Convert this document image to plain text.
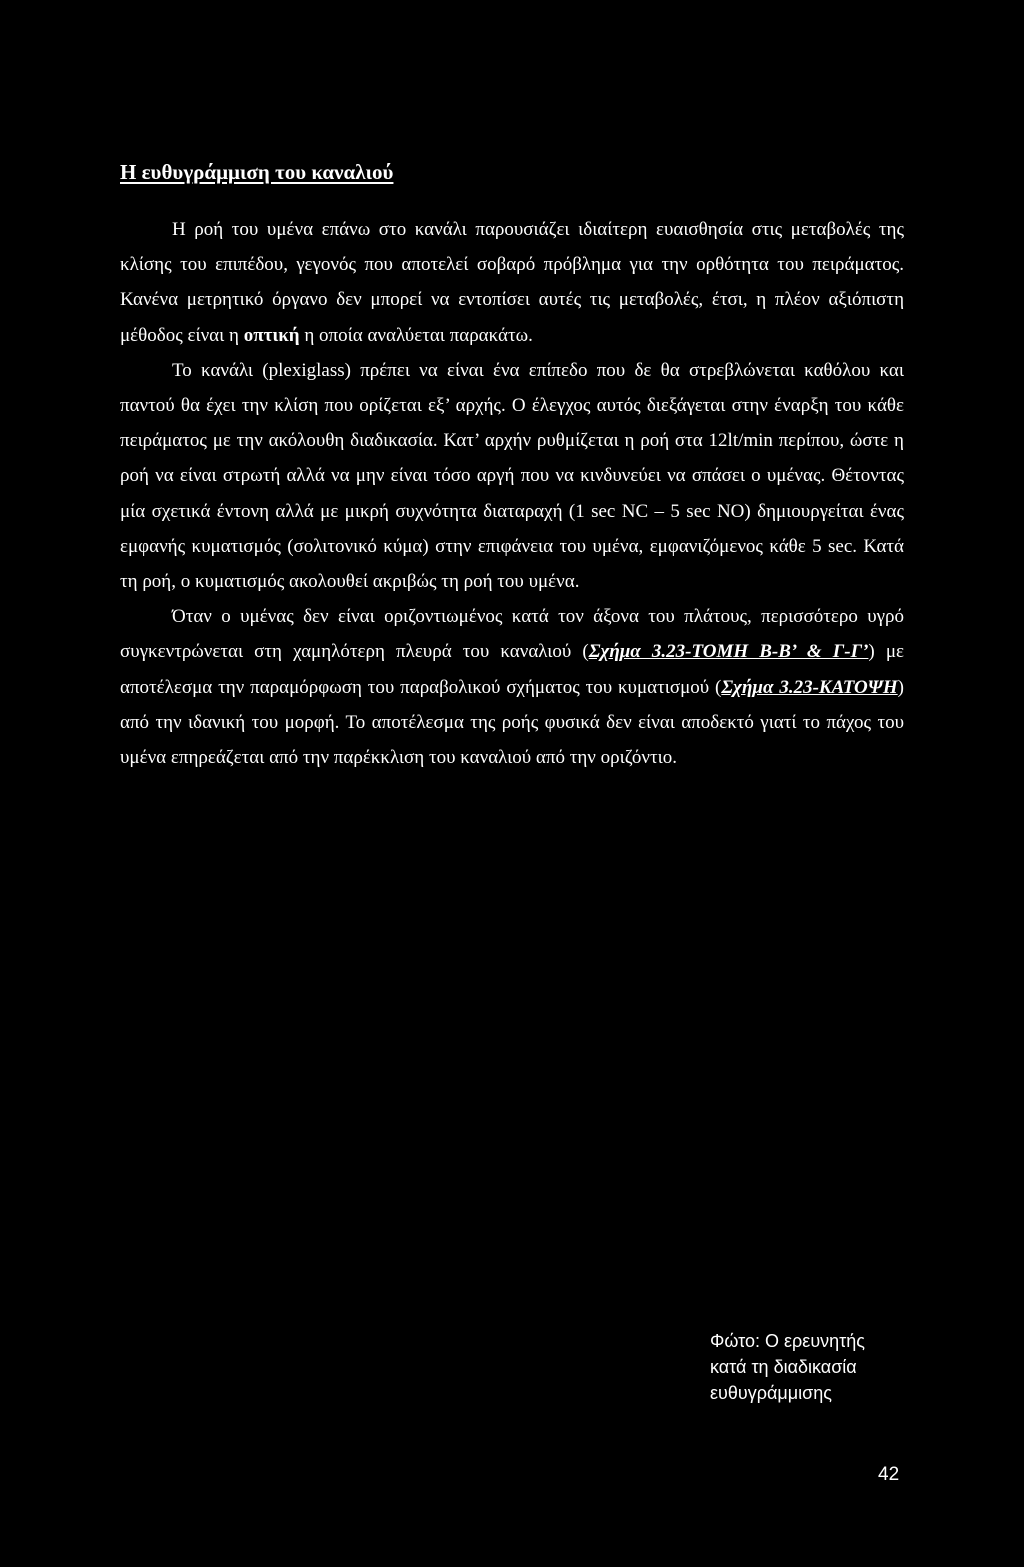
Η ευθυγράμμιση του καναλιού

Η ροή του υμένα επάνω στο κανάλι παρουσιάζει ιδιαίτερη ευαισθησία στις μεταβολές της κλίσης του επιπέδου, γεγονός που αποτελεί σοβαρό πρόβλημα για την ορθότητα του πειράματος. Κανένα μετρητικό όργανο δεν μπορεί να εντοπίσει αυτές τις μεταβολές, έτσι, η πλέον αξιόπιστη μέθοδος είναι η οπτική η οποία αναλύεται παρακάτω.

Το κανάλι (plexiglass) πρέπει να είναι ένα επίπεδο που δε θα στρεβλώνεται καθόλου και παντού θα έχει την κλίση που ορίζεται εξ’ αρχής. Ο έλεγχος αυτός διεξάγεται στην έναρξη του κάθε πειράματος με την ακόλουθη διαδικασία. Κατ’ αρχήν ρυθμίζεται η ροή στα 12lt/min περίπου, ώστε η ροή να είναι στρωτή αλλά να μην είναι τόσο αργή που να κινδυνεύει να σπάσει ο υμένας. Θέτοντας μία σχετικά έντονη αλλά με μικρή συχνότητα διαταραχή (1 sec NC – 5 sec NO) δημιουργείται ένας εμφανής κυματισμός (σολιτονικό κύμα) στην επιφάνεια του υμένα, εμφανιζόμενος κάθε 5 sec. Κατά τη ροή, ο κυματισμός ακολουθεί ακριβώς τη ροή του υμένα.

Όταν ο υμένας δεν είναι οριζοντιωμένος κατά τον άξονα του πλάτους, περισσότερο υγρό συγκεντρώνεται στη χαμηλότερη πλευρά του καναλιού (Σχήμα 3.23-ΤΟΜΗ Β-Β’ & Γ-Γ’) με αποτέλεσμα την παραμόρφωση του παραβολικού σχήματος του κυματισμού (Σχήμα 3.23-ΚΑΤΟΨΗ) από την ιδανική του μορφή. Το αποτέλεσμα της ροής φυσικά δεν είναι αποδεκτό γιατί το πάχος του υμένα επηρεάζεται από την παρέκκλιση του καναλιού από την οριζόντιο.

Φώτο: Ο ερευνητής
κατά τη διαδικασία
ευθυγράμμισης
42
